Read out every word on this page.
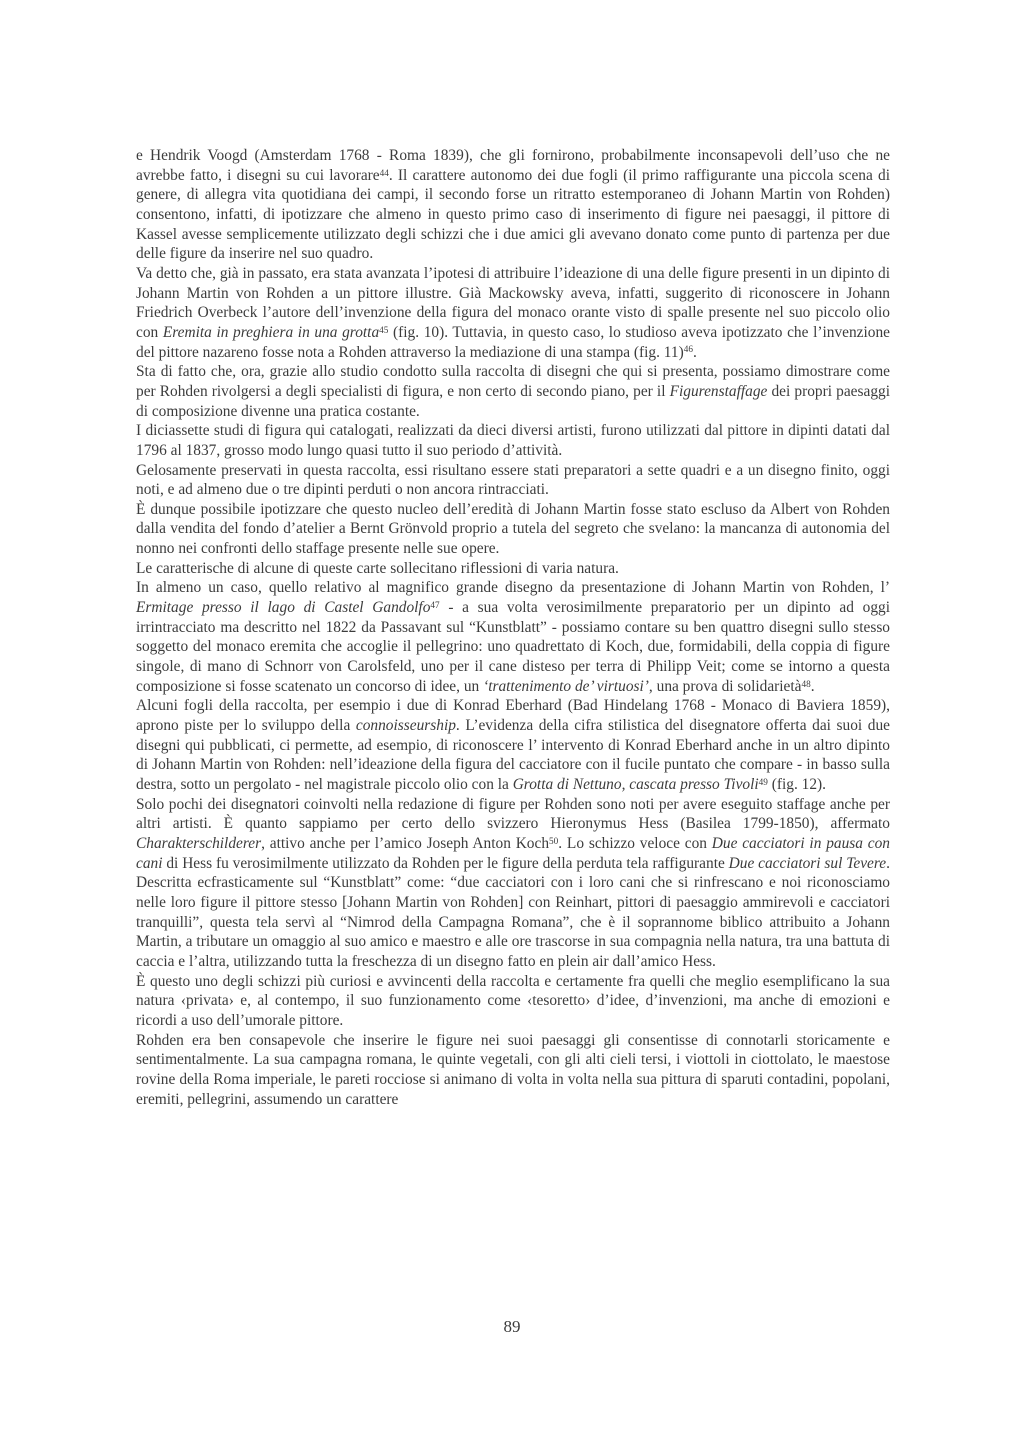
e Hendrik Voogd (Amsterdam 1768 - Roma 1839), che gli fornirono, probabilmente inconsapevoli dell’uso che ne avrebbe fatto, i disegni su cui lavorare$^{44}$. Il carattere autonomo dei due fogli (il primo raffigurante una piccola scena di genere, di allegra vita quotidiana dei campi, il secondo forse un ritratto estemporaneo di Johann Martin von Rohden) consentono, infatti, di ipotizzare che almeno in questo primo caso di inserimento di figure nei paesaggi, il pittore di Kassel avesse semplicemente utilizzato degli schizzi che i due amici gli avevano donato come punto di partenza per due delle figure da inserire nel suo quadro.

Va detto che, già in passato, era stata avanzata l’ipotesi di attribuire l’ideazione di una delle figure presenti in un dipinto di Johann Martin von Rohden a un pittore illustre. Già Mackowsky aveva, infatti, suggerito di riconoscere in Johann Friedrich Overbeck l’autore dell’invenzione della figura del monaco orante visto di spalle presente nel suo piccolo olio con Eremita in preghiera in una grotta$^{45}$ (fig. 10). Tuttavia, in questo caso, lo studioso aveva ipotizzato che l’invenzione del pittore nazareno fosse nota a Rohden attraverso la mediazione di una stampa (fig. 11)$^{46}$.

Sta di fatto che, ora, grazie allo studio condotto sulla raccolta di disegni che qui si presenta, possiamo dimostrare come per Rohden rivolgersi a degli specialisti di figura, e non certo di secondo piano, per il Figurenstaffage dei propri paesaggi di composizione divenne una pratica costante.

I diciassette studi di figura qui catalogati, realizzati da dieci diversi artisti, furono utilizzati dal pittore in dipinti datati dal 1796 al 1837, grosso modo lungo quasi tutto il suo periodo d’attività.

Gelosamente preservati in questa raccolta, essi risultano essere stati preparatori a sette quadri e a un disegno finito, oggi noti, e ad almeno due o tre dipinti perduti o non ancora rintracciati.

È dunque possibile ipotizzare che questo nucleo dell’eredità di Johann Martin fosse stato escluso da Albert von Rohden dalla vendita del fondo d’atelier a Bernt Grönvold proprio a tutela del segreto che svelano: la mancanza di autonomia del nonno nei confronti dello staffage presente nelle sue opere.

Le caratterische di alcune di queste carte sollecitano riflessioni di varia natura.

In almeno un caso, quello relativo al magnifico grande disegno da presentazione di Johann Martin von Rohden, l’ Ermitage presso il lago di Castel Gandolfo$^{47}$ - a sua volta verosimilmente preparatorio per un dipinto ad oggi irrintracciato ma descritto nel 1822 da Passavant sul “Kunstblatt” - possiamo contare su ben quattro disegni sullo stesso soggetto del monaco eremita che accoglie il pellegrino: uno quadrettato di Koch, due, formidabili, della coppia di figure singole, di mano di Schnorr von Carolsfeld, uno per il cane disteso per terra di Philipp Veit; come se intorno a questa composizione si fosse scatenato un concorso di idee, un ‘trattenimento de’ virtuosi’, una prova di solidarietà$^{48}$.

Alcuni fogli della raccolta, per esempio i due di Konrad Eberhard (Bad Hindelang 1768 - Monaco di Baviera 1859), aprono piste per lo sviluppo della connoisseurship. L’evidenza della cifra stilistica del disegnatore offerta dai suoi due disegni qui pubblicati, ci permette, ad esempio, di riconoscere l’ intervento di Konrad Eberhard anche in un altro dipinto di Johann Martin von Rohden: nell’ideazione della figura del cacciatore con il fucile puntato che compare - in basso sulla destra, sotto un pergolato - nel magistrale piccolo olio con la Grotta di Nettuno, cascata presso Tivoli$^{49}$ (fig. 12).

Solo pochi dei disegnatori coinvolti nella redazione di figure per Rohden sono noti per avere eseguito staffage anche per altri artisti. È quanto sappiamo per certo dello svizzero Hieronymus Hess (Basilea 1799-1850), affermato Charakterschilderer, attivo anche per l’amico Joseph Anton Koch$^{50}$. Lo schizzo veloce con Due cacciatori in pausa con cani di Hess fu verosimilmente utilizzato da Rohden per le figure della perduta tela raffigurante Due cacciatori sul Tevere. Descritta ecfrasticamente sul “Kunstblatt” come: “due cacciatori con i loro cani che si rinfrescano e noi riconosciamo nelle loro figure il pittore stesso [Johann Martin von Rohden] con Reinhart, pittori di paesaggio ammirevoli e cacciatori tranquilli”, questa tela servì al “Nimrod della Campagna Romana”, che è il soprannome biblico attribuito a Johann Martin, a tributare un omaggio al suo amico e maestro e alle ore trascorse in sua compagnia nella natura, tra una battuta di caccia e l’altra, utilizzando tutta la freschezza di un disegno fatto en plein air dall’amico Hess.

È questo uno degli schizzi più curiosi e avvincenti della raccolta e certamente fra quelli che meglio esemplificano la sua natura ‹privata› e, al contempo, il suo funzionamento come ‹tesoretto› d’idee, d’invenzioni, ma anche di emozioni e ricordi a uso dell’umorale pittore.

Rohden era ben consapevole che inserire le figure nei suoi paesaggi gli consentisse di connotarli storicamente e sentimentalmente. La sua campagna romana, le quinte vegetali, con gli alti cieli tersi, i viottoli in ciottolato, le maestose rovine della Roma imperiale, le pareti rocciose si animano di volta in volta nella sua pittura di sparuti contadini, popolani, eremiti, pellegrini, assumendo un carattere

89
